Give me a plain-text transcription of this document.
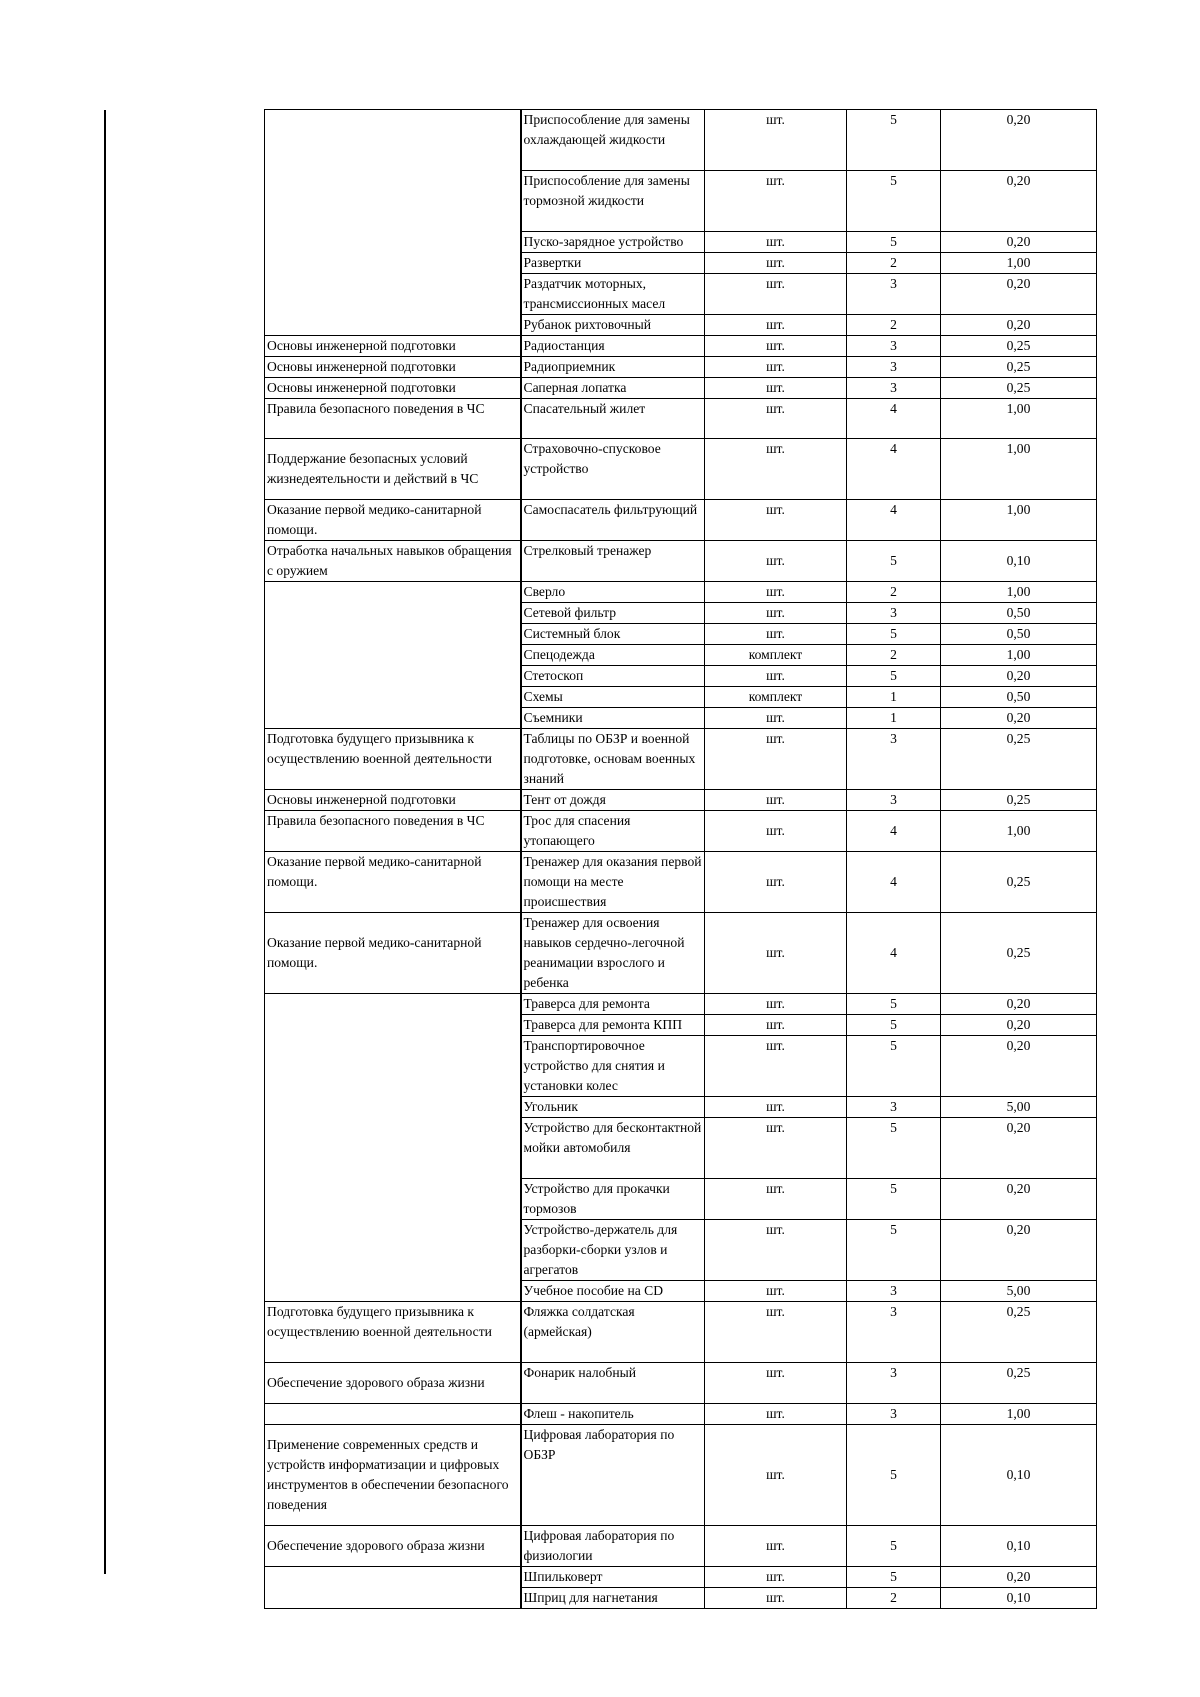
	Приспособление для замены охлаждающей жидкости	шт.	5	0,20
	Приспособление для замены тормозной жидкости	шт.	5	0,20
	Пуско-зарядное устройство	шт.	5	0,20
	Развертки	шт.	2	1,00
	Раздатчик моторных, трансмиссионных масел	шт.	3	0,20
	Рубанок рихтовочный	шт.	2	0,20
Основы инженерной подготовки	Радиостанция	шт.	3	0,25
Основы инженерной подготовки	Радиоприемник	шт.	3	0,25
Основы инженерной подготовки	Саперная лопатка	шт.	3	0,25
Правила безопасного поведения в ЧС	Спасательный жилет	шт.	4	1,00
Поддержание безопасных условий жизнедеятельности и действий в ЧС	Страховочно-спусковое устройство	шт.	4	1,00
Оказание первой медико-санитарной помощи.	Самоспасатель фильтрующий	шт.	4	1,00
Отработка начальных навыков обращения с оружием	Стрелковый тренажер	шт.	5	0,10
	Сверло	шт.	2	1,00
	Сетевой фильтр	шт.	3	0,50
	Системный блок	шт.	5	0,50
	Спецодежда	комплект	2	1,00
	Стетоскоп	шт.	5	0,20
	Схемы	комплект	1	0,50
	Съемники	шт.	1	0,20
Подготовка будущего призывника к осуществлению военной деятельности	Таблицы по ОБЗР и военной подготовке, основам военных знаний	шт.	3	0,25
Основы инженерной подготовки	Тент от дождя	шт.	3	0,25
Правила безопасного поведения в ЧС	Трос для спасения утопающего	шт.	4	1,00
Оказание первой медико-санитарной помощи.	Тренажер для оказания первой помощи на месте происшествия	шт.	4	0,25
Оказание первой медико-санитарной помощи.	Тренажер для освоения навыков сердечно-легочной реанимации взрослого и ребенка	шт.	4	0,25
	Траверса для ремонта	шт.	5	0,20
	Траверса для ремонта КПП	шт.	5	0,20
	Транспортировочное устройство для снятия и установки колес	шт.	5	0,20
	Угольник	шт.	3	5,00
	Устройство для бесконтактной мойки автомобиля	шт.	5	0,20
	Устройство для прокачки тормозов	шт.	5	0,20
	Устройство-держатель для разборки-сборки узлов и агрегатов	шт.	5	0,20
	Учебное пособие на CD	шт.	3	5,00
Подготовка будущего призывника к осуществлению военной деятельности	Фляжка солдатская (армейская)	шт.	3	0,25
Обеспечение здорового образа жизни	Фонарик налобный	шт.	3	0,25
	Флеш - накопитель	шт.	3	1,00
Применение современных средств и устройств информатизации и цифровых инструментов в обеспечении безопасного поведения	Цифровая лаборатория по ОБЗР	шт.	5	0,10
Обеспечение здорового образа жизни	Цифровая лаборатория по физиологии	шт.	5	0,10
	Шпильковерт	шт.	5	0,20
	Шприц для нагнетания	шт.	2	0,10
